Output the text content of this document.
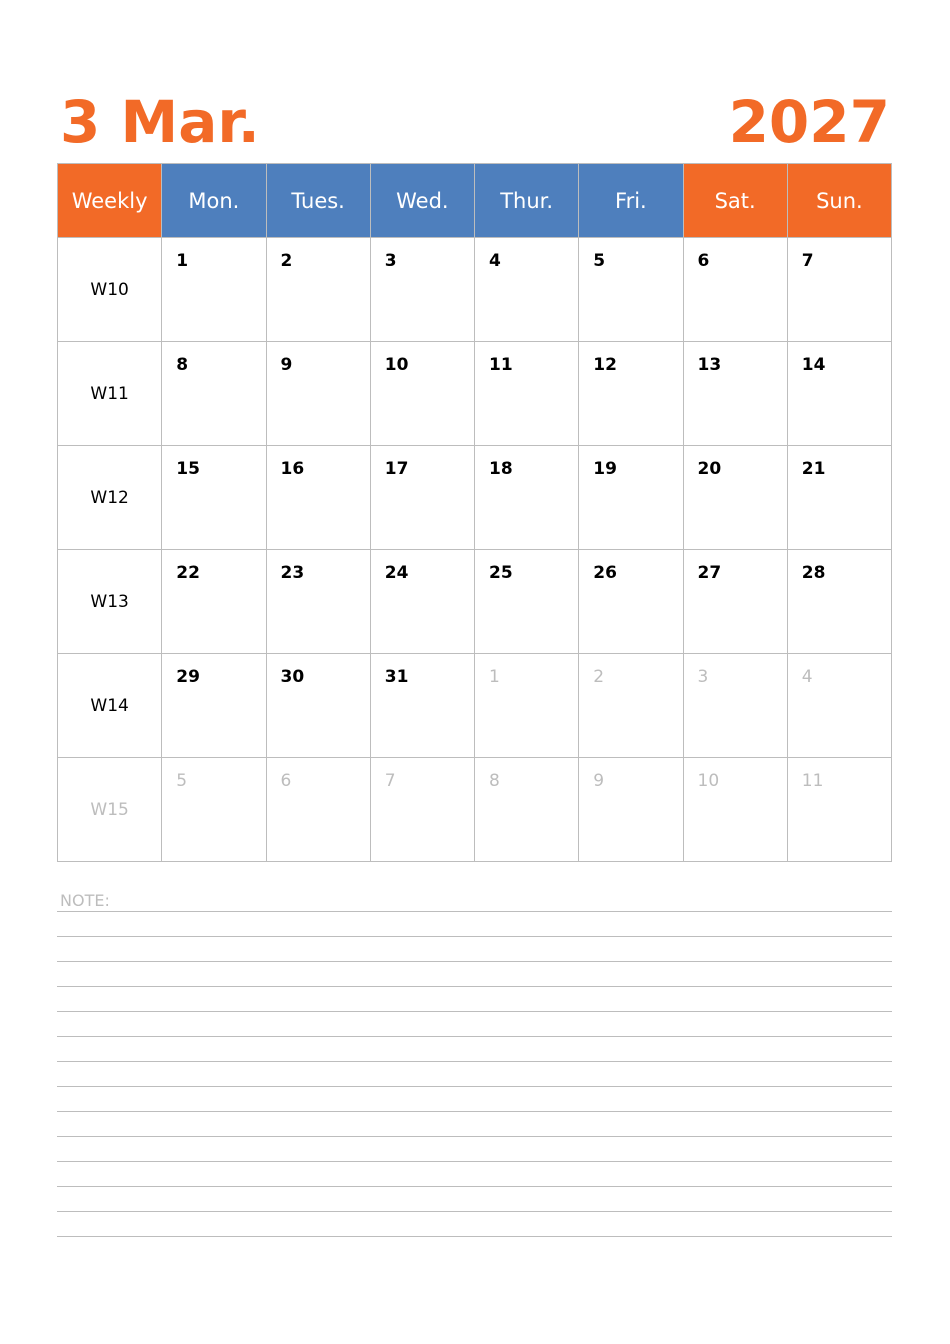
3 Mar.	2027
Weekly	Mon.	Tues.	Wed.	Thur.	Fri.	Sat.	Sun.
W10	1	2	3	4	5	6	7

W11	8	9	10	11	12	13	14

W12	15	16	17	18	19	20	21

W13	22	23	24	25	26	27	28

W14	29	30	31	1	2	3	4

W15	5	6	7	8	9	10	11
NOTE:
